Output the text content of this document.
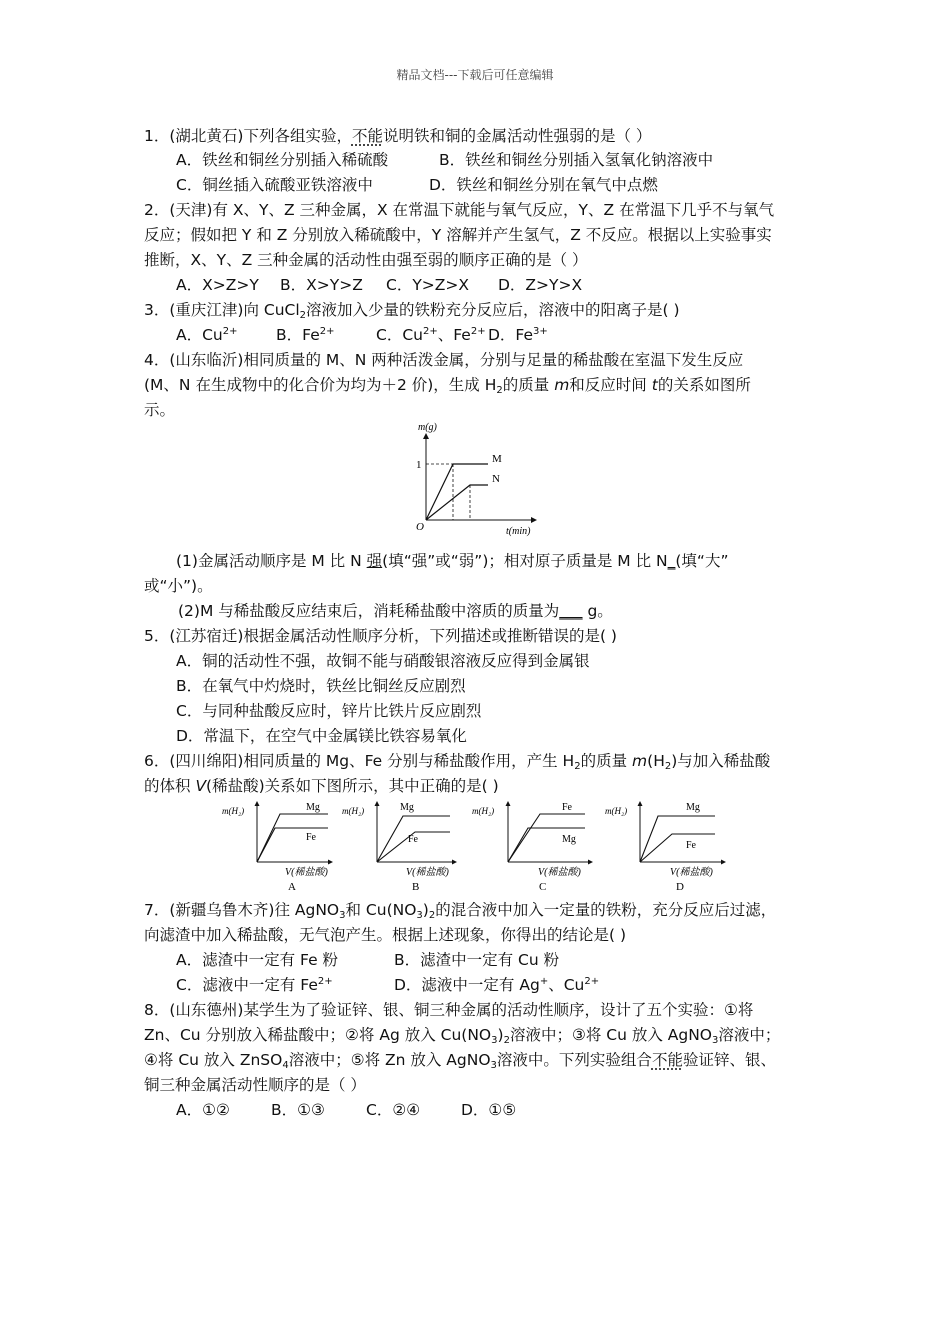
精品文档---下载后可任意编辑
1．(湖北黄石)下列各组实验，不能说明铁和铜的金属活动性强弱的是（ ）
A．铁丝和铜丝分别插入稀硫酸	B．铁丝和铜丝分别插入氢氧化钠溶液中
C．铜丝插入硫酸亚铁溶液中	D．铁丝和铜丝分别在氧气中点燃
2．(天津)有 X、Y、Z 三种金属，X 在常温下就能与氧气反应，Y、Z 在常温下几乎不与氧气
反应；假如把 Y 和 Z 分别放入稀硫酸中，Y 溶解并产生氢气，Z 不反应。根据以上实验事实
推断，X、Y、Z 三种金属的活动性由强至弱的顺序正确的是（ ）
A．X>Z>Y B．X>Y>Z C．Y>Z>X D．Z>Y>X
3．(重庆江津)向 CuCl$_2$溶液加入少量的铁粉充分反应后，溶液中的阳离子是( )
A．$Cu^{2+}$ B．$Fe^{2+}$	C．$Cu^{2+}$、$Fe^{2+}$ D．$Fe^{3+}$
4．(山东临沂)相同质量的 M、N 两种活泼金属，分别与足量的稀盐酸在室温下发生反应
(M、N 在生成物中的化合价为均为＋2 价)，生成 $H_2$的质量 m和反应时间 t的关系如图所
示。
m(g)
t(min)
O
1	M
N
(1)金属活动顺序是 M 比 N 强(填“强”或“弱”)；相对原子质量是 M 比 N_(填“大”
或“小”)。
(2)M 与稀盐酸反应结束后，消耗稀盐酸中溶质的质量为___ g。
5．(江苏宿迁)根据金属活动性顺序分析，下列描述或推断错误的是( )
A．铜的活动性不强，故铜不能与硝酸银溶液反应得到金属银
B．在氧气中灼烧时，铁丝比铜丝反应剧烈
C．与同种盐酸反应时，锌片比铁片反应剧烈
D．常温下，在空气中金属镁比铁容易氧化
6．(四川绵阳)相同质量的 Mg、Fe 分别与稀盐酸作用，产生 $H_2$的质量 $m(H_2)$与加入稀盐酸
的体积 V(稀盐酸)关系如下图所示，其中正确的是( )
m(H₂)
V(稀盐酸)
Mg
Fe
A
m(H₂)
V(稀盐酸)
Mg
Fe
B
m(H₂)
V(稀盐酸)
Fe
Mg
C
m(H₂)
V(稀盐酸)
Mg
Fe
D
7．(新疆乌鲁木齐)往 AgNO$_3$和 $Cu(NO_3)_2$的混合液中加入一定量的铁粉，充分反应后过滤，
向滤渣中加入稀盐酸，无气泡产生。根据上述现象，你得出的结论是( )
A．滤渣中一定有 Fe 粉	B．滤渣中一定有 Cu 粉
C．滤液中一定有 $Fe^{2+}$	D．滤液中一定有 Ag+、$Cu^{2+}$
8．(山东德州)某学生为了验证锌、银、铜三种金属的活动性顺序，设计了五个实验：①将
Zn、Cu 分别放入稀盐酸中；②将 Ag 放入 $Cu(NO_3)_2$溶液中；③将 Cu 放入 AgNO$_3$溶液中；
④将 Cu 放入 ZnSO$_4$溶液中；⑤将 Zn 放入 AgNO$_3$溶液中。下列实验组合不能验证锌、银、
铜三种金属活动性顺序的是（ ）
A．①②	B．①③	C．②④	D．①⑤
